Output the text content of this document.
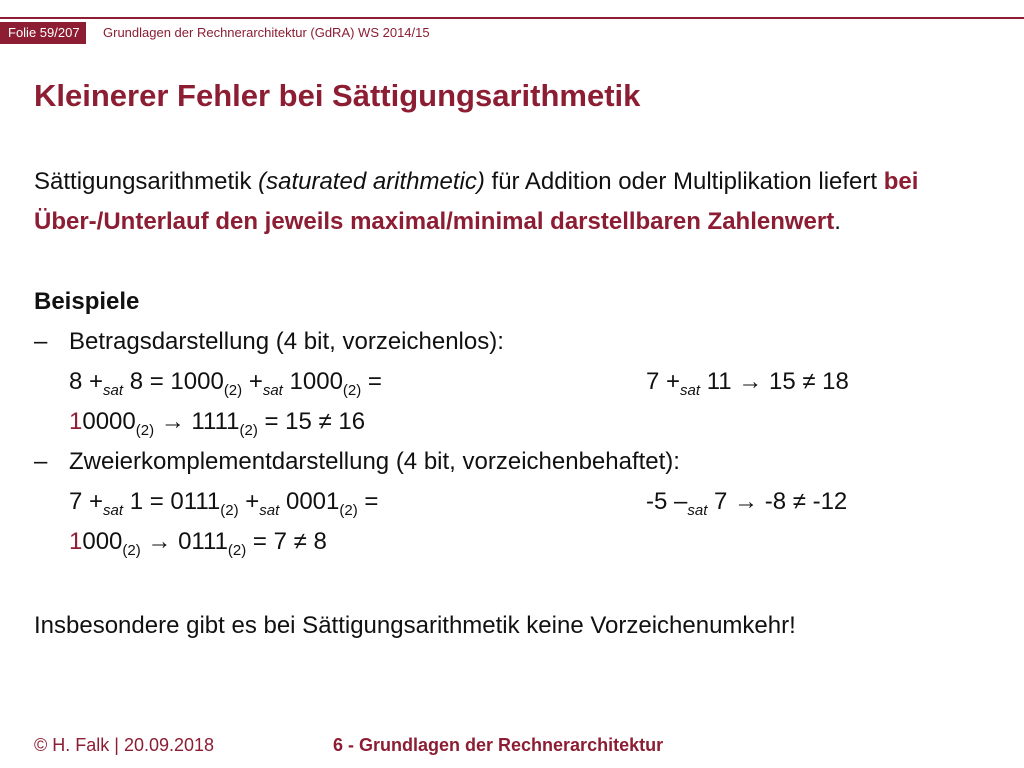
Folie 59/207	Grundlagen der Rechnerarchitektur (GdRA) WS 2014/15
Kleinerer Fehler bei Sättigungsarithmetik

Sättigungsarithmetik (saturated arithmetic) für Addition oder Multiplikation liefert bei Über-/Unterlauf den jeweils maximal/minimal darstellbaren Zahlenwert.

Beispiele
– Betragsdarstellung (4 bit, vorzeichenlos):
$8 +_{sat}$ $8 = 1000_{(2)} +_{sat}$ $1000_{(2)}$ =	$7 +_{sat}$ 11 → 15 ≠ 18
$10000_{(2)} \to 1111_{(2)} = 15 \ne 16$
– Zweierkomplementdarstellung (4 bit, vorzeichenbehaftet):
$7 +_{sat}$ $1 = 0111_{(2)} +_{sat}$ $0001_{(2)}$ =	-5 $-_{sat}$ 7 → -8 ≠ -12
$1000_{(2)} \to 0111_{(2)} = 7 \ne 8$

Insbesondere gibt es bei Sättigungsarithmetik keine Vorzeichenumkehr!

© H. Falk | 20.09.2018	6 - Grundlagen der Rechnerarchitektur
